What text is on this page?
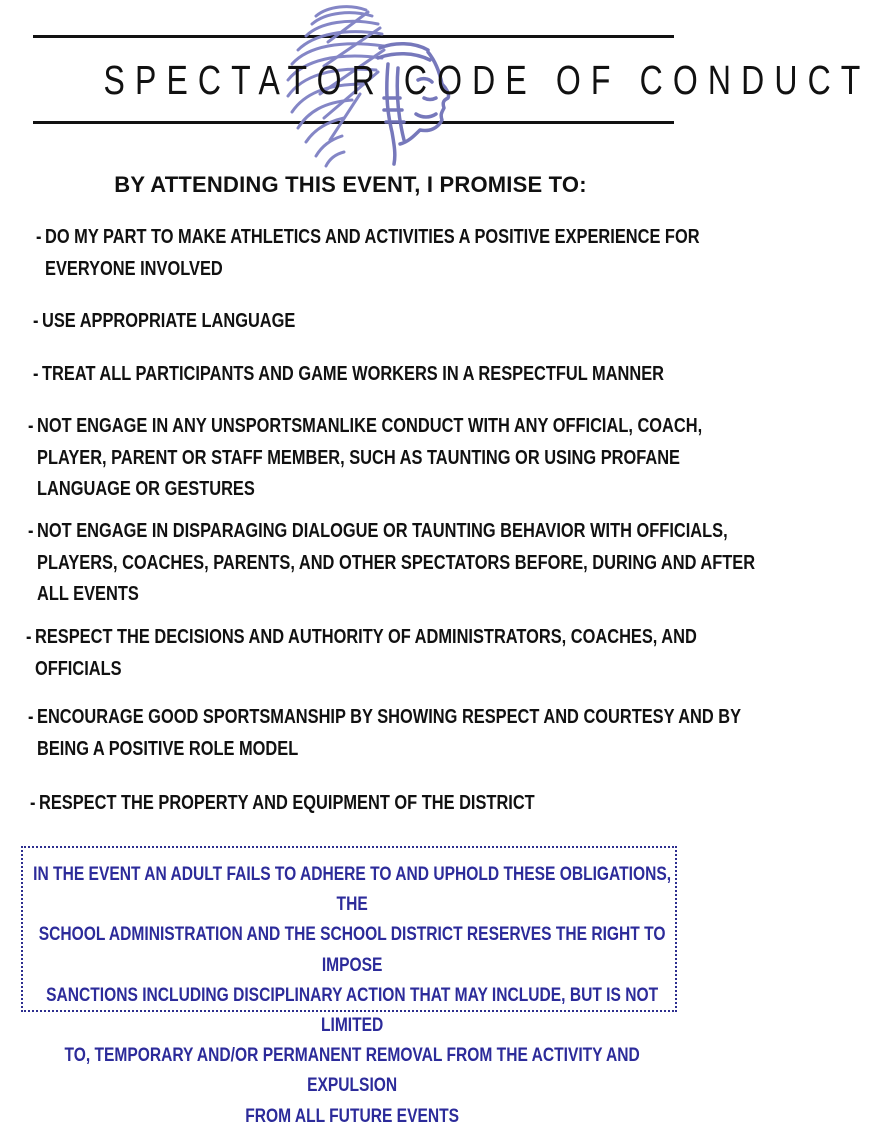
SPECTATOR CODE OF CONDUCT
BY ATTENDING THIS EVENT, I PROMISE TO:
- DO MY PART TO MAKE ATHLETICS AND ACTIVITIES A POSITIVE EXPERIENCE FOR
EVERYONE INVOLVED
- USE APPROPRIATE LANGUAGE
- TREAT ALL PARTICIPANTS AND GAME WORKERS IN A RESPECTFUL MANNER
- NOT ENGAGE IN ANY UNSPORTSMANLIKE CONDUCT WITH ANY OFFICIAL, COACH,
PLAYER, PARENT OR STAFF MEMBER, SUCH AS TAUNTING OR USING PROFANE
LANGUAGE OR GESTURES
- NOT ENGAGE IN DISPARAGING DIALOGUE OR TAUNTING BEHAVIOR WITH OFFICIALS,
PLAYERS, COACHES, PARENTS, AND OTHER SPECTATORS BEFORE, DURING AND AFTER
ALL EVENTS
- RESPECT THE DECISIONS AND AUTHORITY OF ADMINISTRATORS, COACHES, AND
OFFICIALS
- ENCOURAGE GOOD SPORTSMANSHIP BY SHOWING RESPECT AND COURTESY AND BY
BEING A POSITIVE ROLE MODEL
- RESPECT THE PROPERTY AND EQUIPMENT OF THE DISTRICT
IN THE EVENT AN ADULT FAILS TO ADHERE TO AND UPHOLD THESE OBLIGATIONS, THE
SCHOOL ADMINISTRATION AND THE SCHOOL DISTRICT RESERVES THE RIGHT TO IMPOSE
SANCTIONS INCLUDING DISCIPLINARY ACTION THAT MAY INCLUDE, BUT IS NOT LIMITED
TO, TEMPORARY AND/OR PERMANENT REMOVAL FROM THE ACTIVITY AND EXPULSION
FROM ALL FUTURE EVENTS
